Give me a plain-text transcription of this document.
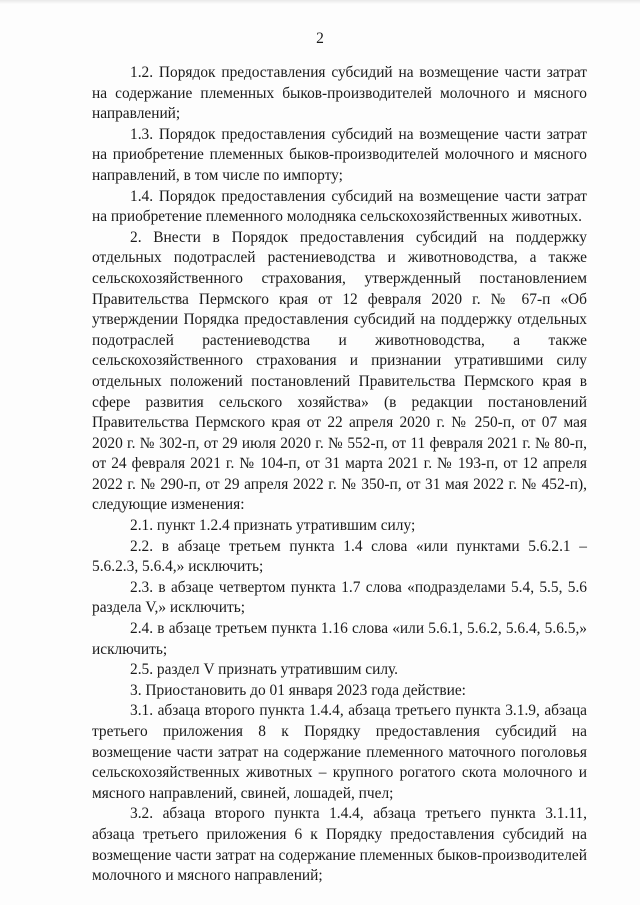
2

1.2. Порядок предоставления субсидий на возмещение части затрат на содержание племенных быков-производителей молочного и мясного направлений;

1.3. Порядок предоставления субсидий на возмещение части затрат на приобретение племенных быков-производителей молочного и мясного направлений, в том числе по импорту;

1.4. Порядок предоставления субсидий на возмещение части затрат на приобретение племенного молодняка сельскохозяйственных животных.

2. Внести в Порядок предоставления субсидий на поддержку отдельных подотраслей растениеводства и животноводства, а также сельскохозяйственного страхования, утвержденный постановлением Правительства Пермского края от 12 февраля 2020 г. № 67-п «Об утверждении Порядка предоставления субсидий на поддержку отдельных подотраслей растениеводства и животноводства, а также сельскохозяйственного страхования и признании утратившими силу отдельных положений постановлений Правительства Пермского края в сфере развития сельского хозяйства» (в редакции постановлений Правительства Пермского края от 22 апреля 2020 г. № 250-п, от 07 мая 2020 г. № 302-п, от 29 июля 2020 г. № 552-п, от 11 февраля 2021 г. № 80-п, от 24 февраля 2021 г. № 104-п, от 31 марта 2021 г. № 193-п, от 12 апреля 2022 г. № 290-п, от 29 апреля 2022 г. № 350-п, от 31 мая 2022 г. № 452-п), следующие изменения:

2.1. пункт 1.2.4 признать утратившим силу;

2.2. в абзаце третьем пункта 1.4 слова «или пунктами 5.6.2.1 – 5.6.2.3, 5.6.4,» исключить;

2.3. в абзаце четвертом пункта 1.7 слова «подразделами 5.4, 5.5, 5.6 раздела V,» исключить;

2.4. в абзаце третьем пункта 1.16 слова «или 5.6.1, 5.6.2, 5.6.4, 5.6.5,» исключить;

2.5. раздел V признать утратившим силу.

3. Приостановить до 01 января 2023 года действие:

3.1. абзаца второго пункта 1.4.4, абзаца третьего пункта 3.1.9, абзаца третьего приложения 8 к Порядку предоставления субсидий на возмещение части затрат на содержание племенного маточного поголовья сельскохозяйственных животных – крупного рогатого скота молочного и мясного направлений, свиней, лошадей, пчел;

3.2. абзаца второго пункта 1.4.4, абзаца третьего пункта 3.1.11, абзаца третьего приложения 6 к Порядку предоставления субсидий на возмещение части затрат на содержание племенных быков-производителей молочного и мясного направлений;
